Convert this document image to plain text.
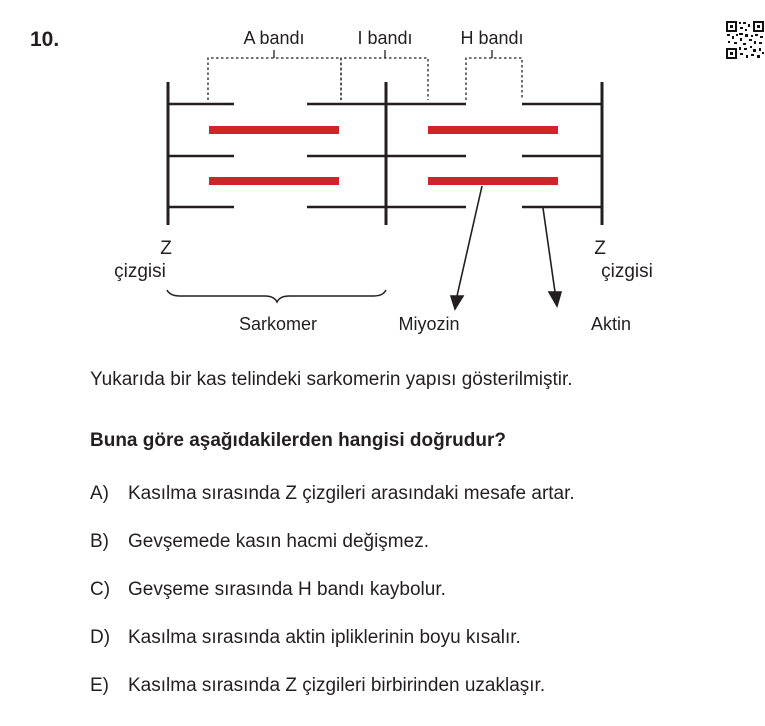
10.	A bandı	I bandı	H bandı
Z
çizgisi
Z
çizgisi
Sarkomer	Miyozin	Aktin
Yukarıda bir kas telindeki sarkomerin yapısı gösterilmiştir.
Buna göre aşağıdakilerden hangisi doğrudur?
A)	Kasılma sırasında Z çizgileri arasındaki mesafe artar.
B)	Gevşemede kasın hacmi değişmez.
C) Gevşeme sırasında H bandı kaybolur.
D) Kasılma sırasında aktin ipliklerinin boyu kısalır.
E)	Kasılma sırasında Z çizgileri birbirinden uzaklaşır.
